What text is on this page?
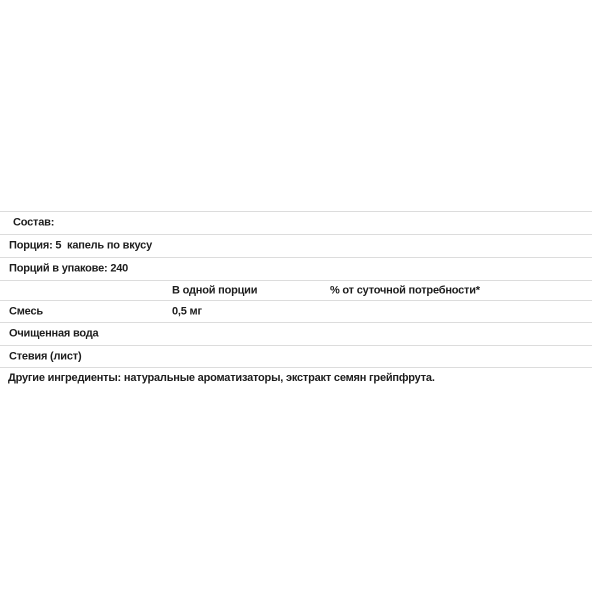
Состав:
Порция: 5  капель по вкусу
Порций в упакове: 240
В одной порции	% от суточной потребности*
Смесь	0,5 мг
Очищенная вода
Стевия (лист)

Другие ингредиенты: натуральные ароматизаторы, экстракт семян грейпфрута.
